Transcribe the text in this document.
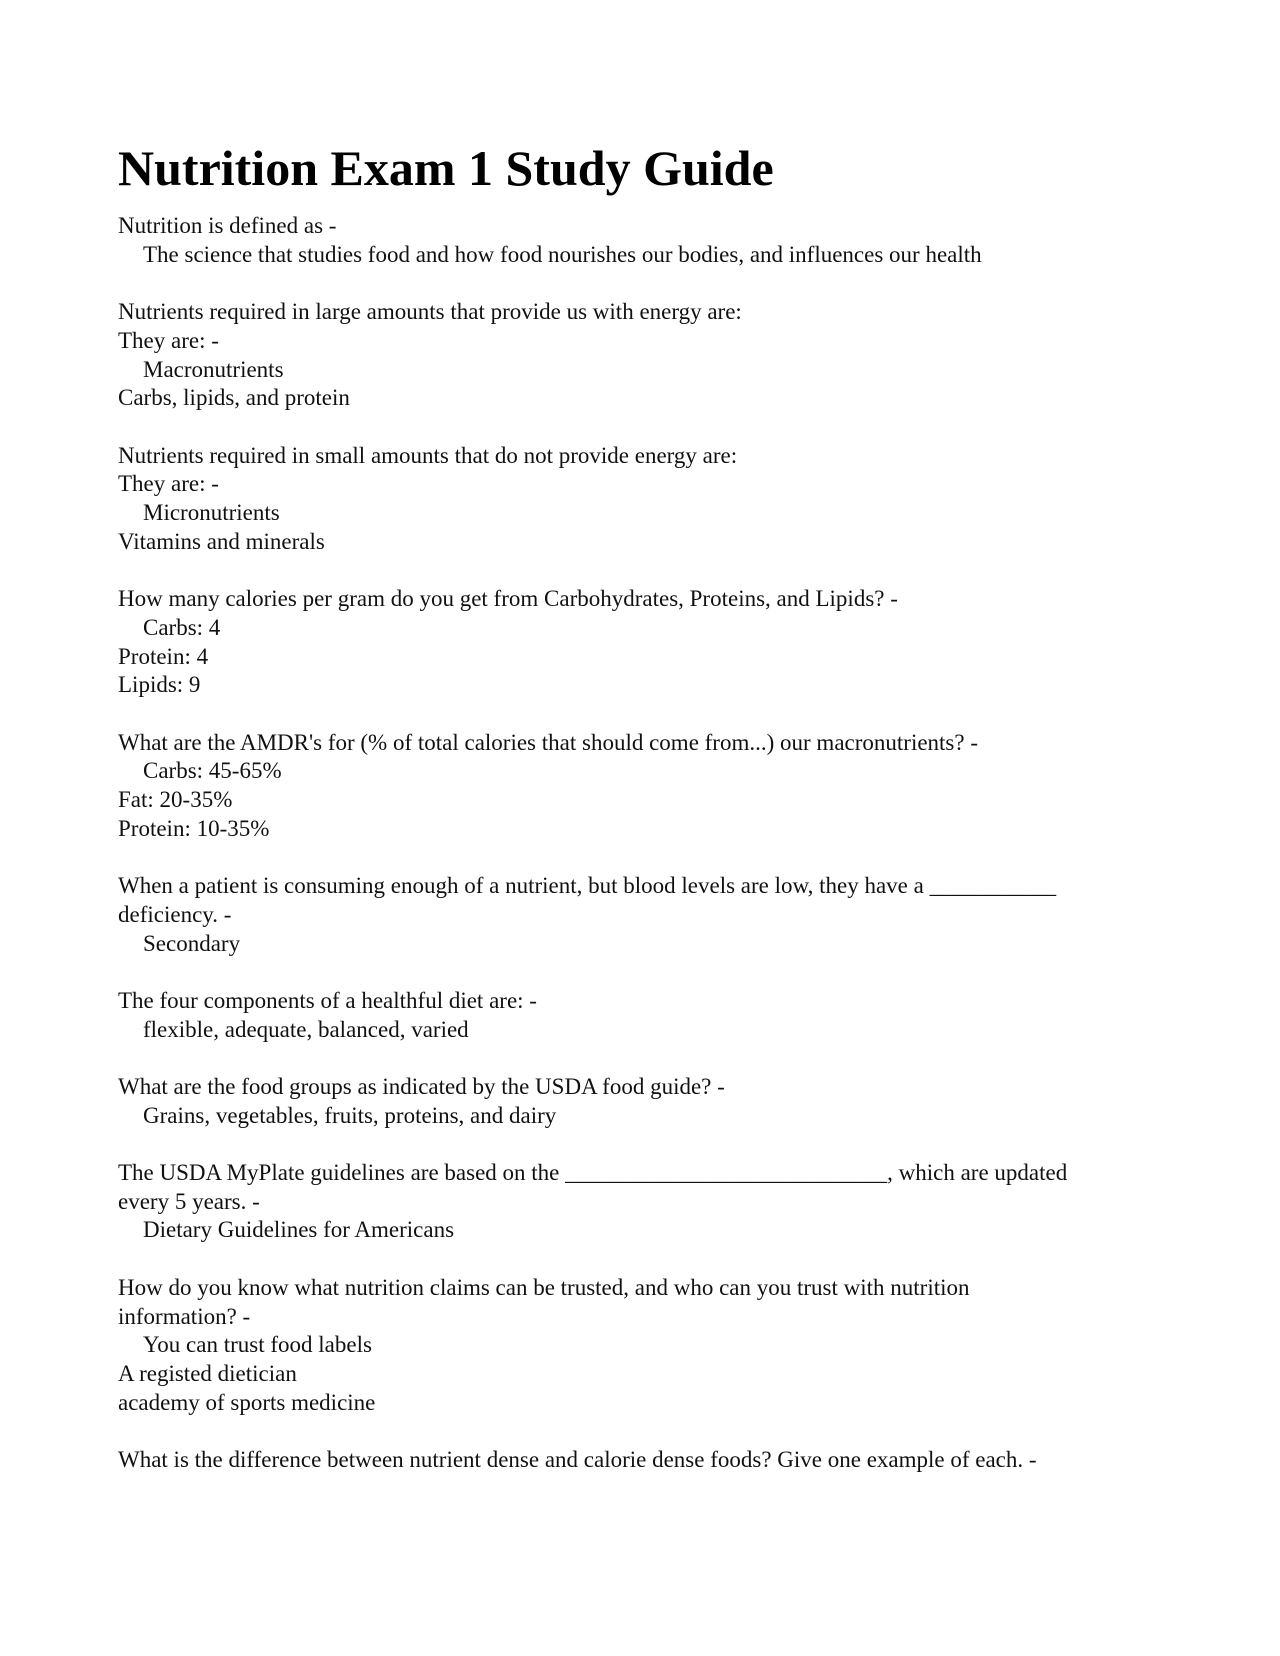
Nutrition Exam 1 Study Guide
Nutrition is defined as -
The science that studies food and how food nourishes our bodies, and influences our health
Nutrients required in large amounts that provide us with energy are:
They are: -
Macronutrients
Carbs, lipids, and protein
Nutrients required in small amounts that do not provide energy are:
They are: -
Micronutrients
Vitamins and minerals
How many calories per gram do you get from Carbohydrates, Proteins, and Lipids? -
Carbs: 4
Protein: 4
Lipids: 9
What are the AMDR's for (% of total calories that should come from...) our macronutrients? -
Carbs: 45-65%
Fat: 20-35%
Protein: 10-35%
When a patient is consuming enough of a nutrient, but blood levels are low, they have a ___________
deficiency. -
Secondary
The four components of a healthful diet are: -
flexible, adequate, balanced, varied
What are the food groups as indicated by the USDA food guide? -
Grains, vegetables, fruits, proteins, and dairy
The USDA MyPlate guidelines are based on the ____________________________, which are updated
every 5 years. -
Dietary Guidelines for Americans
How do you know what nutrition claims can be trusted, and who can you trust with nutrition
information? -
You can trust food labels
A registed dietician
academy of sports medicine
What is the difference between nutrient dense and calorie dense foods? Give one example of each. -
